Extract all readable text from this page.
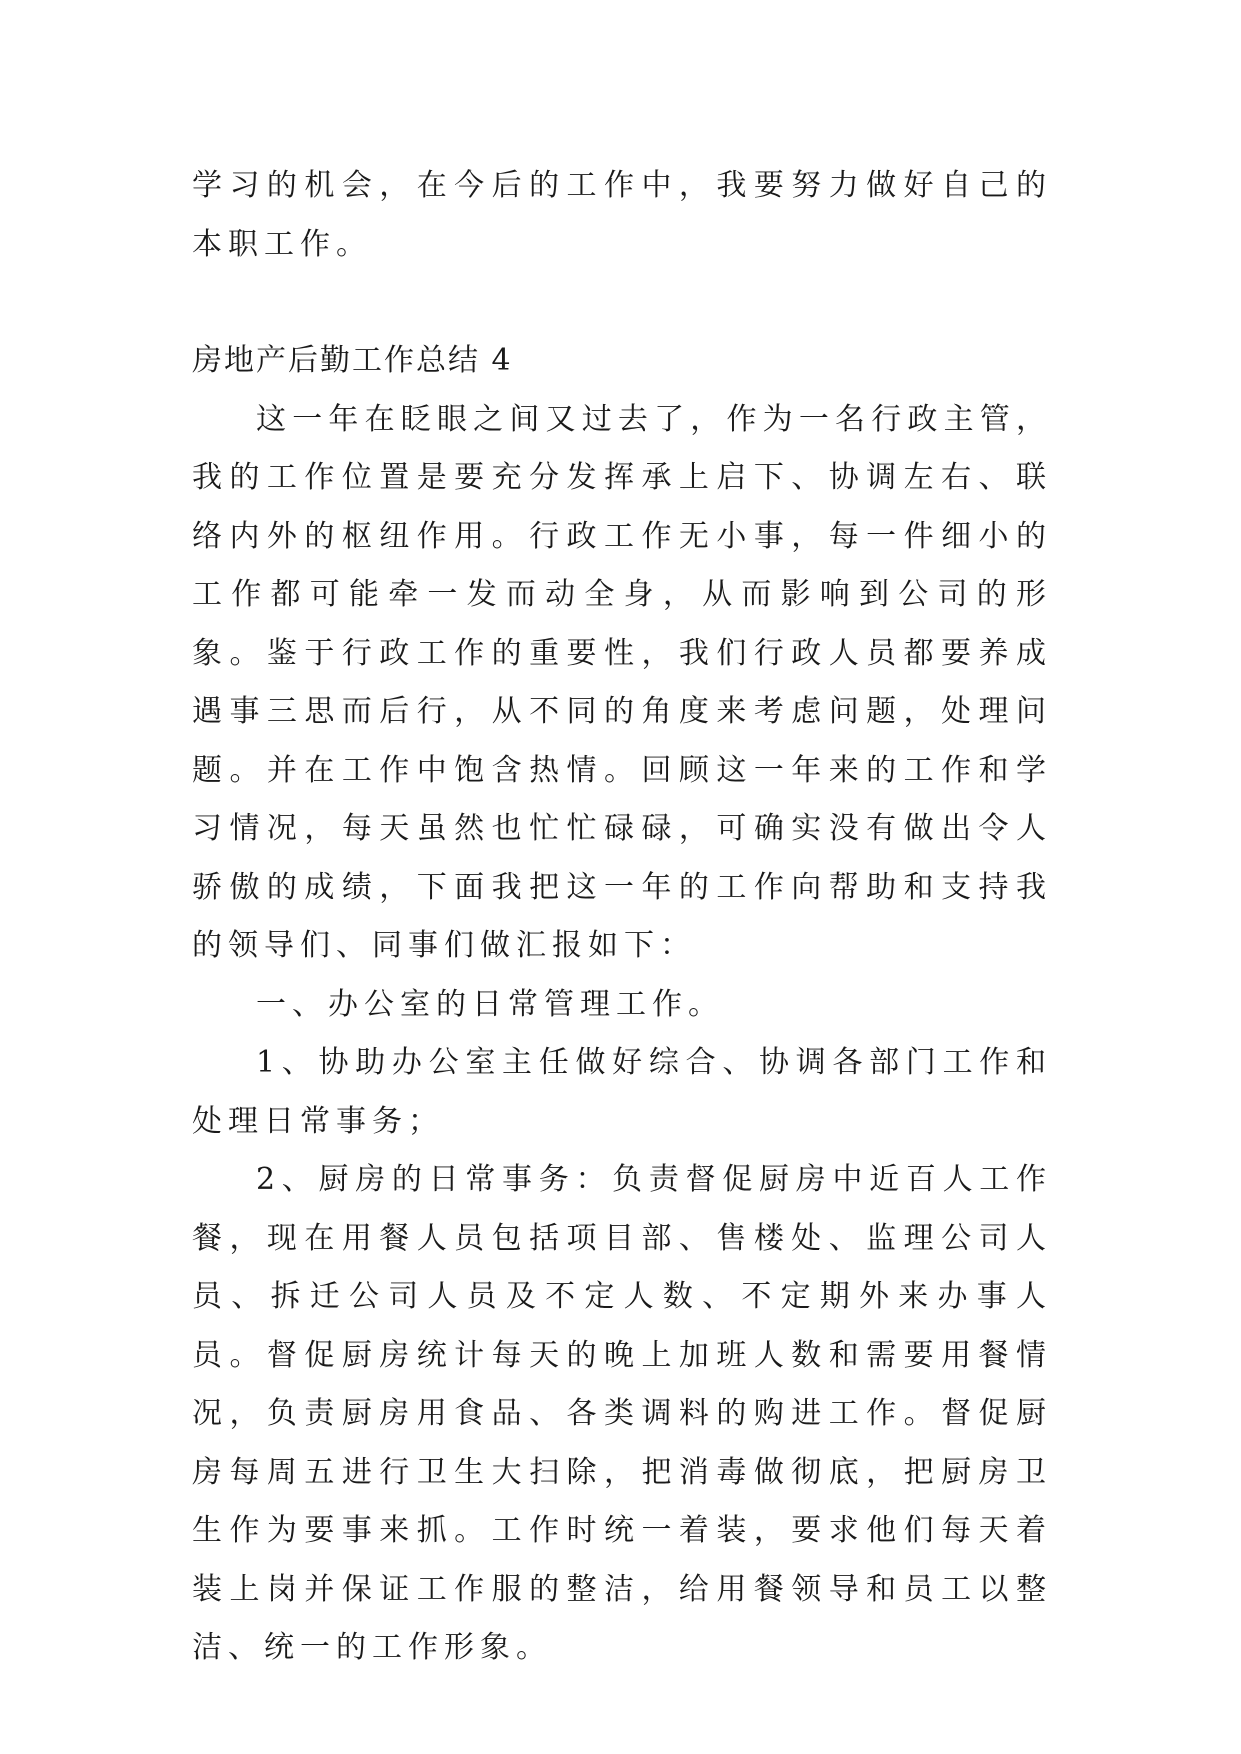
学习的机会，在今后的工作中，我要努力做好自己的本职工作。

房地产后勤工作总结 4

这一年在眨眼之间又过去了，作为一名行政主管，我的工作位置是要充分发挥承上启下、协调左右、联络内外的枢纽作用。行政工作无小事，每一件细小的工作都可能牵一发而动全身，从而影响到公司的形象。鉴于行政工作的重要性，我们行政人员都要养成遇事三思而后行，从不同的角度来考虑问题，处理问题。并在工作中饱含热情。回顾这一年来的工作和学习情况，每天虽然也忙忙碌碌，可确实没有做出令人骄傲的成绩，下面我把这一年的工作向帮助和支持我的领导们、同事们做汇报如下：

一、办公室的日常管理工作。

1、协助办公室主任做好综合、协调各部门工作和处理日常事务；

2、厨房的日常事务：负责督促厨房中近百人工作餐，现在用餐人员包括项目部、售楼处、监理公司人员、拆迁公司人员及不定人数、不定期外来办事人员。督促厨房统计每天的晚上加班人数和需要用餐情况，负责厨房用食品、各类调料的购进工作。督促厨房每周五进行卫生大扫除，把消毒做彻底，把厨房卫生作为要事来抓。工作时统一着装，要求他们每天着装上岗并保证工作服的整洁，给用餐领导和员工以整洁、统一的工作形象。
